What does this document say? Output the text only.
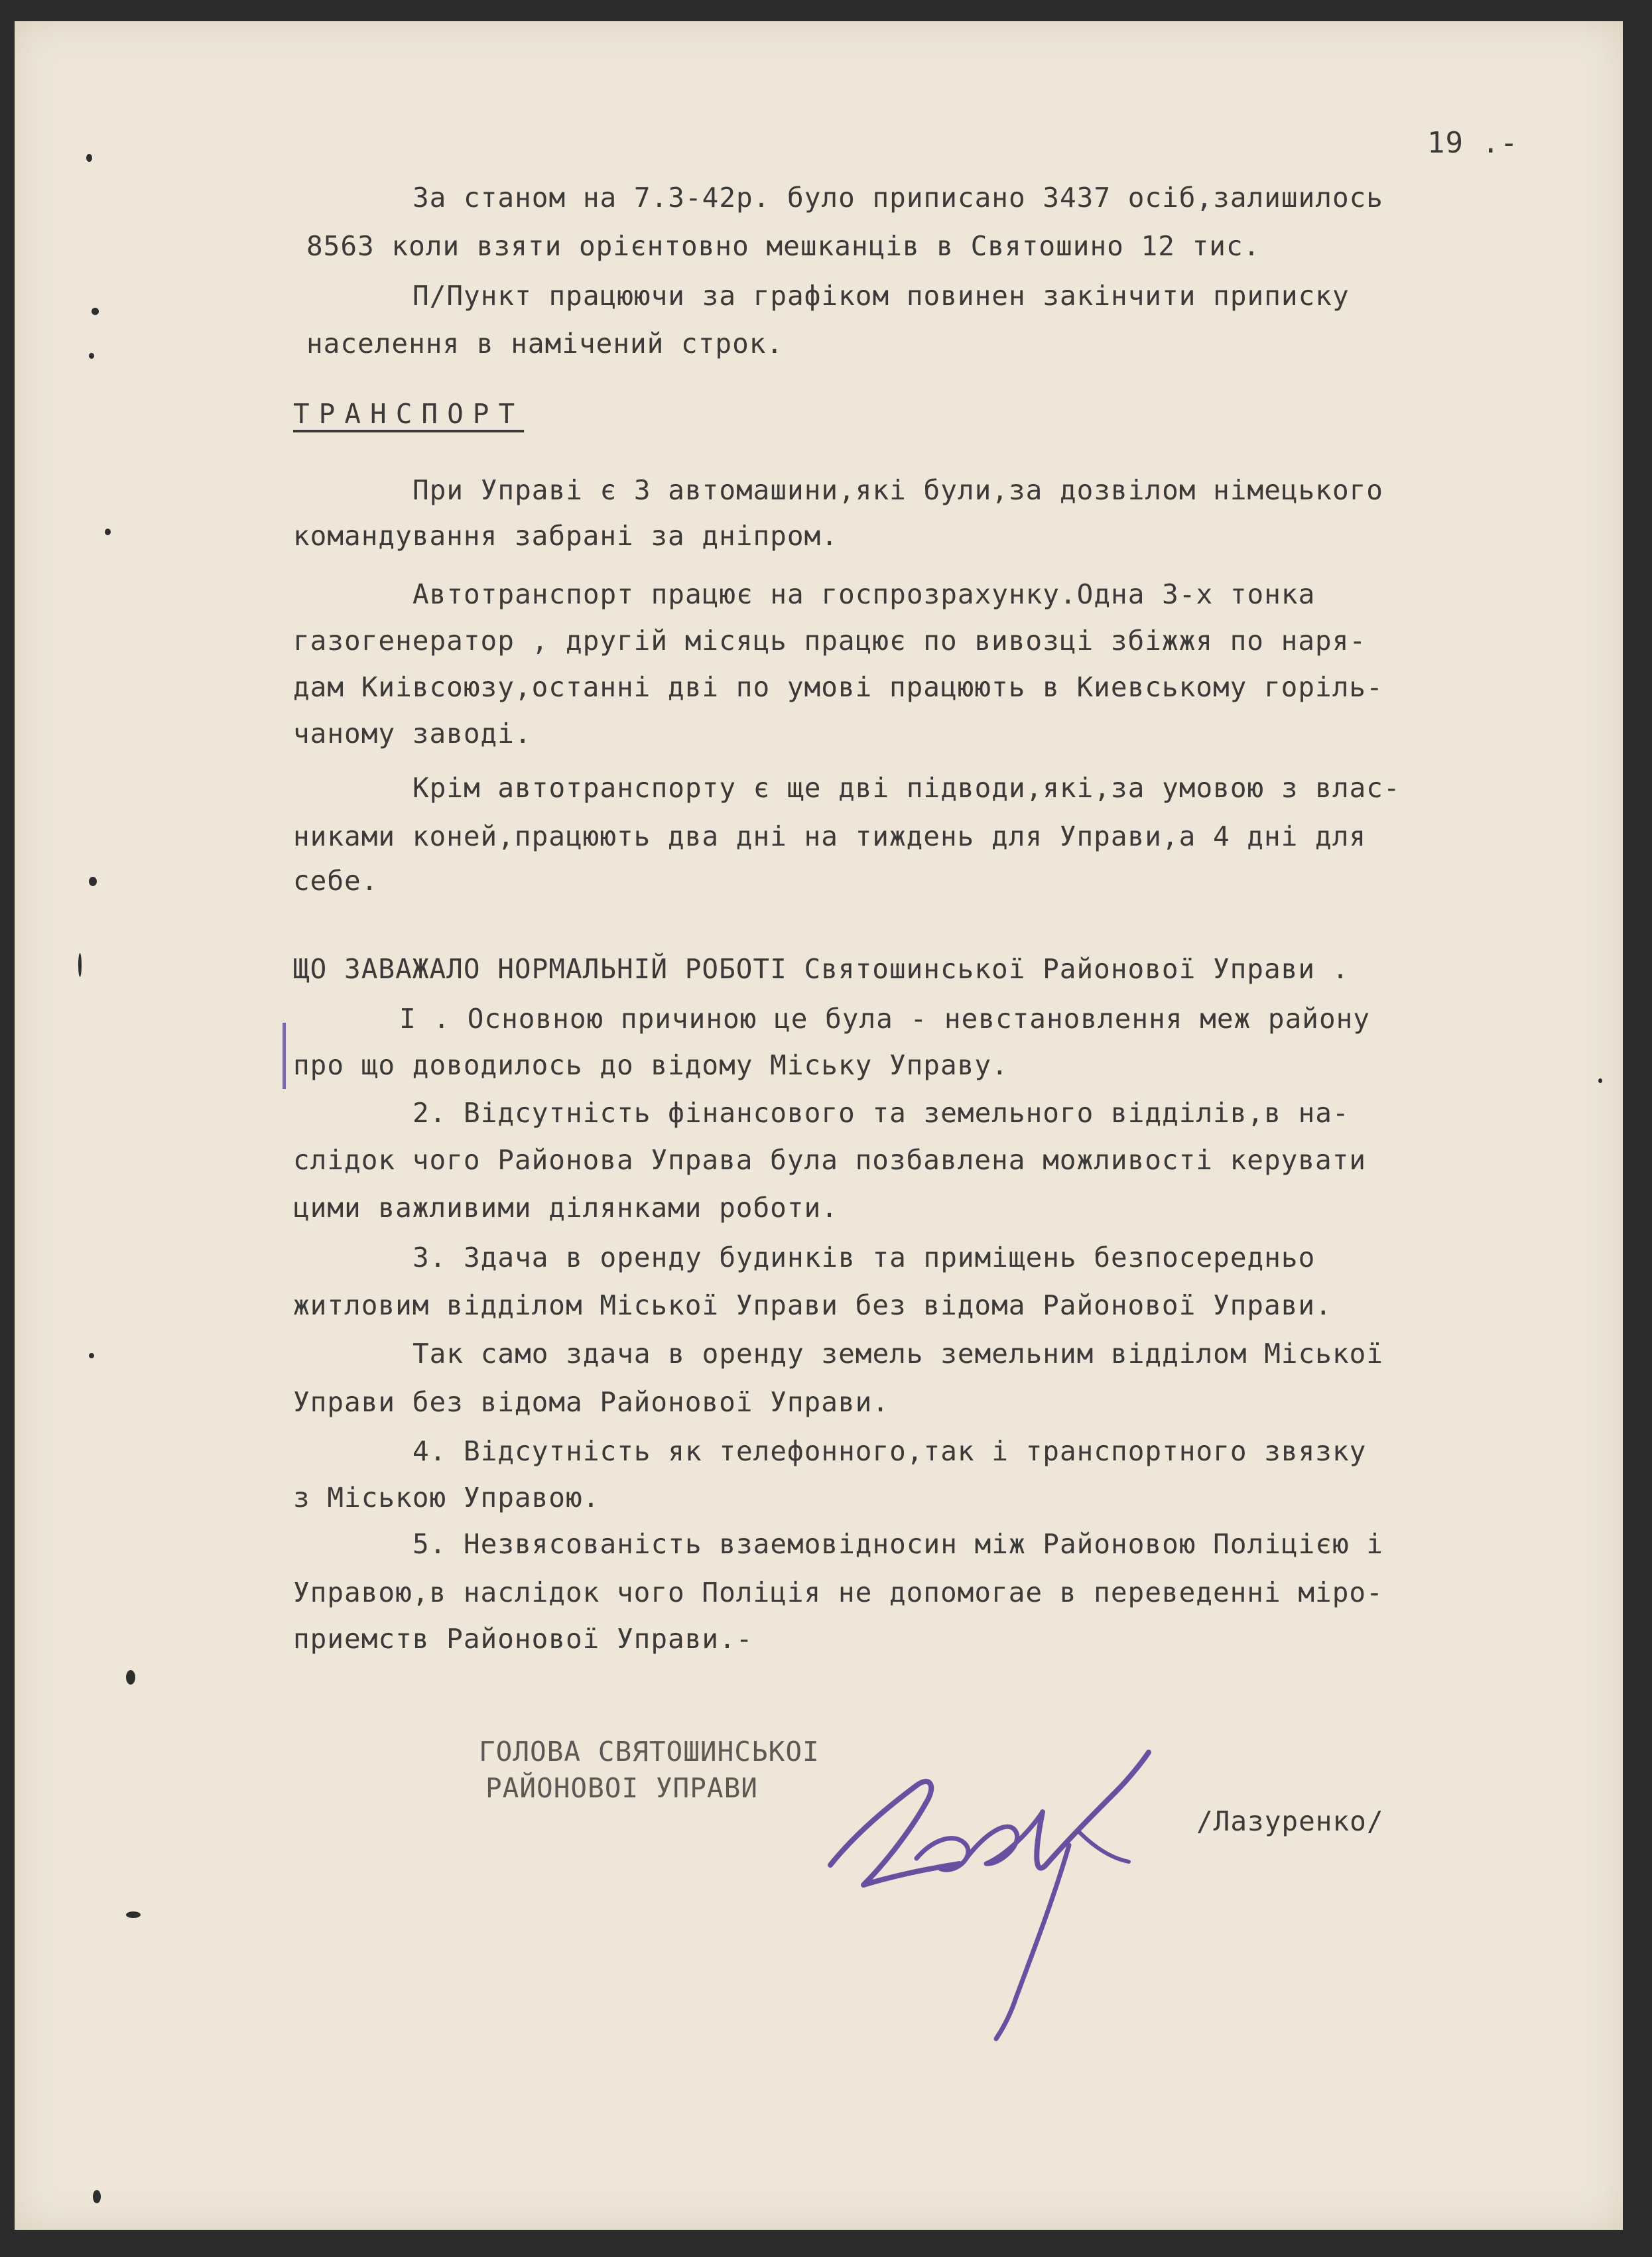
19 .-

За станом на 7.3-42р. було приписано 3437 осіб,залишилось

8563 коли взяти орієнтовно мешканців в Святошино 12 тис.

П/Пункт працюючи за графіком повинен закінчити приписку

населення в намічений строк.

ТРАНСПОРТ

При Управі є 3 автомашини,які були,за дозвілом німецького

командування забрані за дніпром.

Автотранспорт працює на госпрозрахунку.Одна 3-х тонка

газогенератор , другій місяць працює по вивозці збіжжя по наря-

дам Киівсоюзу,останні дві по умові працюють в Киевському горіль-

чаному заводі.

Крім автотранспорту є ще дві підводи,які,за умовою з влас-

никами коней,працюють два дні на тиждень для Управи,а 4 дні для

себе.

ЩО ЗАВАЖАЛО НОРМАЛЬНІЙ РОБОТІ Святошинської Районової Управи .

I . Основною причиною це була - невстановлення меж району

про що доводилось до відому Міську Управу.

2. Відсутність фінансового та земельного відділів,в на-

слідок чого Районова Управа була позбавлена можливості керувати

цими важливими ділянками роботи.

3. Здача в оренду будинків та приміщень безпосередньо

житловим відділом Міської Управи без відома Районової Управи.

Так само здача в оренду земель земельним відділом Міської

Управи без відома Районової Управи.

4. Відсутність як телефонного,так і транспортного звязку

з Міською Управою.

5. Незвясованість взаемовідносин між Районовою Поліцією і

Управою,в наслідок чого Поліція не допомогае в переведенні міро-

приемств Районової Управи.-

ГОЛОВА СВЯТОШИНСЬКОІ

РАЙОНОВОІ УПРАВИ

/Лазуренко/
